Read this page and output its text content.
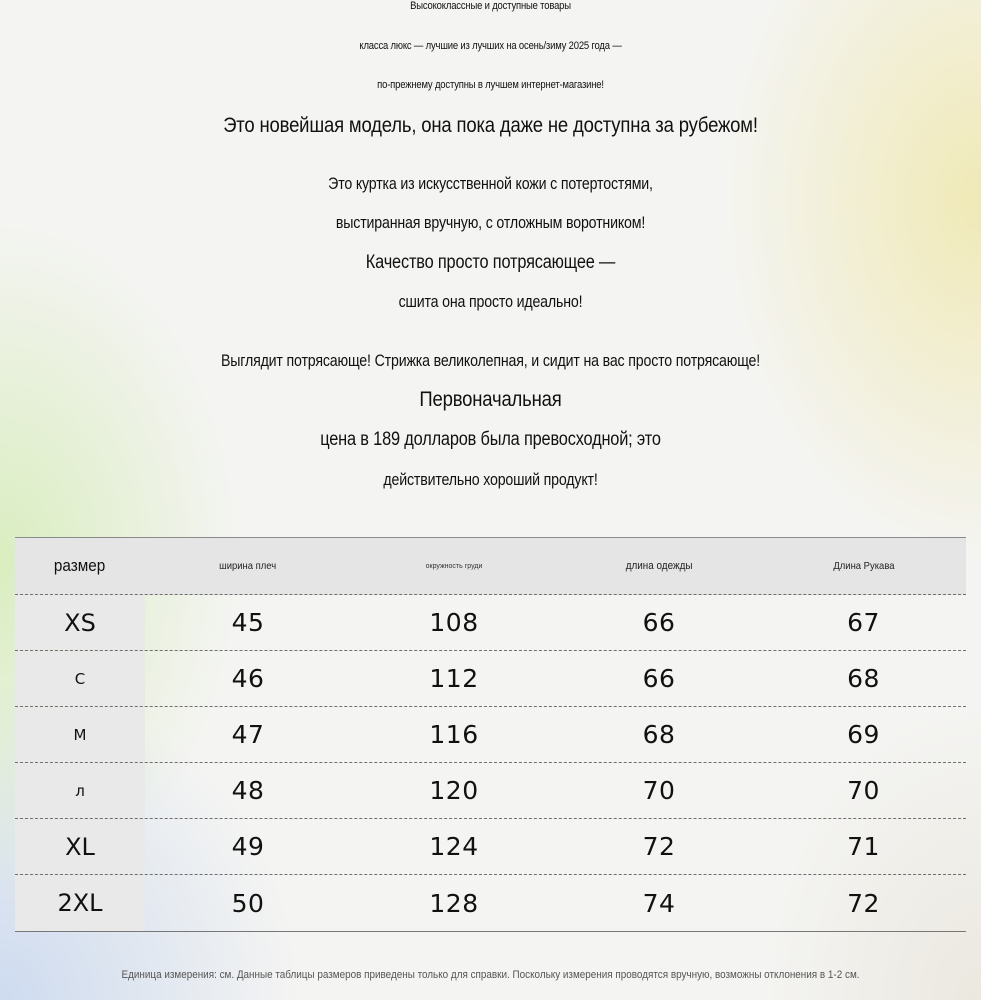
Высококлассные и доступные товары
класса люкс — лучшие из лучших на осень/зиму 2025 года —
по-прежнему доступны в лучшем интернет-магазине!
Это новейшая модель, она пока даже не доступна за рубежом!
Это куртка из искусственной кожи с потертостями,
выстиранная вручную, с отложным воротником!
Качество просто потрясающее —
сшита она просто идеально!
Выглядит потрясающе! Стрижка великолепная, и сидит на вас просто потрясающе!
Первоначальная
цена в 189 долларов была превосходной; это
действительно хороший продукт!
размер	ширина плеч	окружность груди	длина одежды	Длина Рукава
XS	45	108	66	67
С	46	112	66	68
М	47	116	68	69
л	48	120	70	70
XL	49	124	72	71
2XL	50	128	74	72
Единица измерения: см. Данные таблицы размеров приведены только для справки. Поскольку измерения проводятся вручную, возможны отклонения в 1-2 см.
